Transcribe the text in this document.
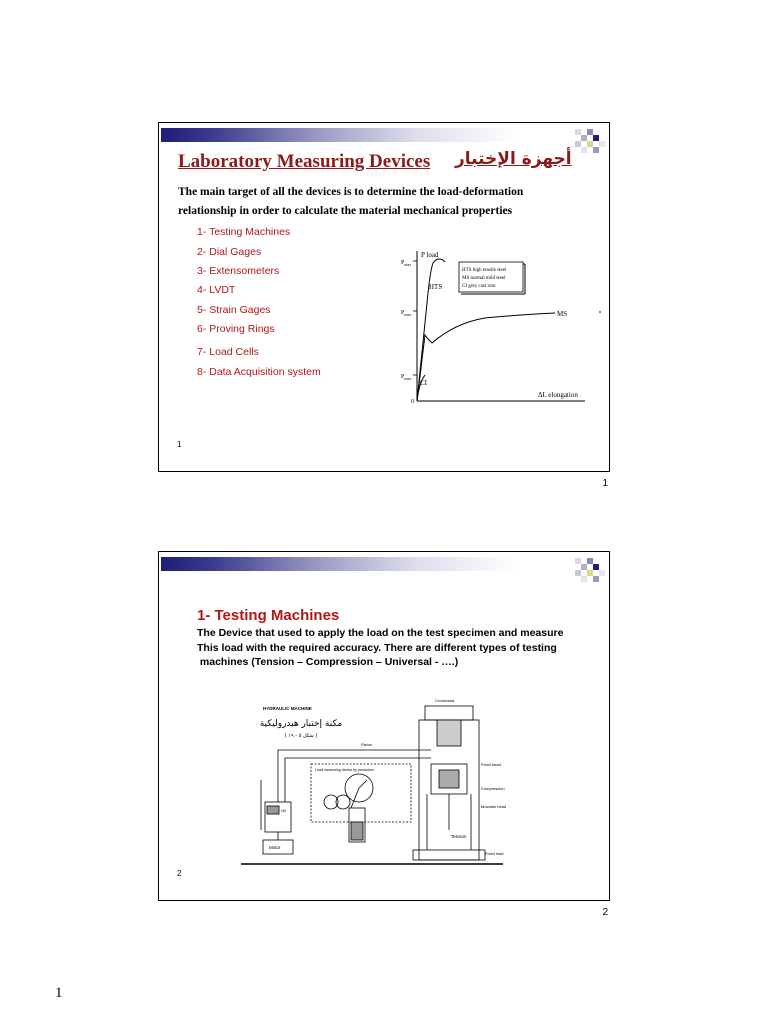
Laboratory Measuring Devices أجهزة الإختبار
The main target of all the devices is to determine the load-deformation
relationship in order to calculate the material mechanical properties
1- Testing Machines
2- Dial Gages
3- Extensometers
4- LVDT
5- Strain Gages
6- Proving Rings
7- Load Cells
8- Data Acquisition system
P load
ΔL elongation
0
$P_{max}$
$P_{max}$
$P_{max}$
HTS
MS
CI
HTS high tensile steel
MS normal mild steel
CI grey cast iron
1
1
1- Testing Machines
The Device that used to apply the load on the test specimen and measure
This load with the required accuracy. There are different types of testing
machines (Tension – Compression – Universal - ….)
HYDRAULIC MACHINE
مكنة إختبار هيدروليكية
( شكل ٥ - ١٩ )
Motor
Oil
Piston
Load measuring device by pendulum
Crosshead
Tension
Fixed head
Compression
Movable head
Fixed load
2
2
1
